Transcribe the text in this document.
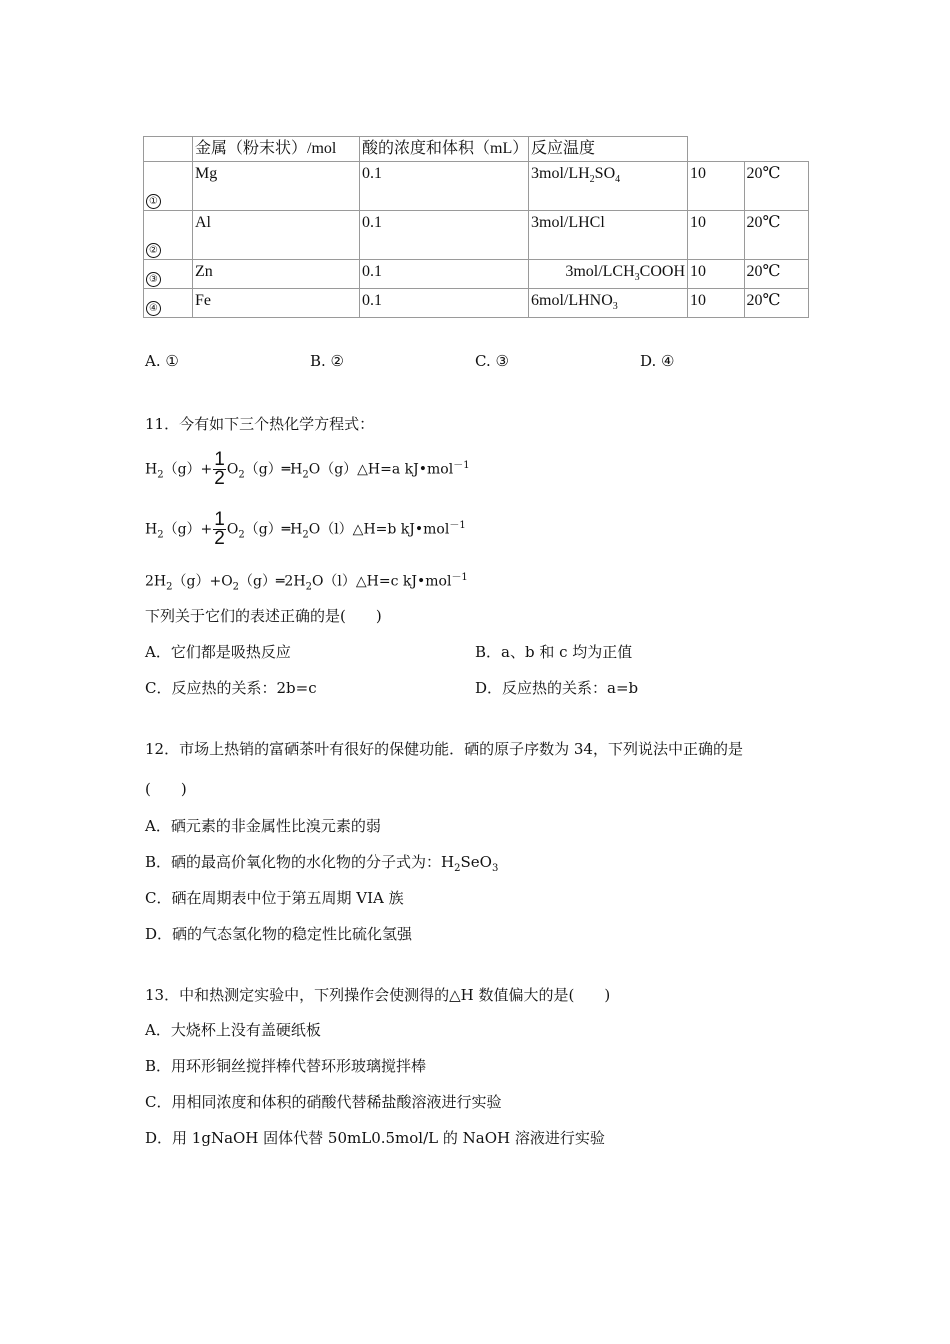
	金属（粉末状）/mol	酸的浓度和体积（mL）	反应温度		
①	Mg	0.1	$3mol/LH_2SO_4$	10	20℃
②	Al	0.1	3mol/LHCl	10	20℃
③	Zn	0.1	$3mol/LCH_3COOH$	10	20℃
④	Fe	0.1	$6mol/LHNO_3$	10	20℃
A. ①	B. ②	C. ③	D. ④
11．今有如下三个热化学方程式：
$H_2(g)+ \frac{1}{2}$ $O_2(g)═H_2O(g)\triangle H=a$ kJ•mol$^{-1}$
$H_2(g)+ \frac{1}{2}$ $O_2(g)═H_2O(l)\triangle H=b$ kJ•mol$^{-1}$
$2H_2(g)+O_2(g)═2H_2O(l)\triangle H=c$ kJ•mol$^{-1}$
下列关于它们的表述正确的是(　　)
A．它们都是吸热反应	B．a、b 和 c 均为正值
C．反应热的关系：2b=c	D．反应热的关系：a=b
12．市场上热销的富硒茶叶有很好的保健功能．硒的原子序数为 34，下列说法中正确的是
(　　)
A．硒元素的非金属性比溴元素的弱
B．硒的最高价氧化物的水化物的分子式为：$H_2SeO_3$
C．硒在周期表中位于第五周期 VIA 族
D．硒的气态氢化物的稳定性比硫化氢强
13．中和热测定实验中，下列操作会使测得的△H 数值偏大的是(　　)
A．大烧杯上没有盖硬纸板
B．用环形铜丝搅拌棒代替环形玻璃搅拌棒
C．用相同浓度和体积的硝酸代替稀盐酸溶液进行实验
D．用 1gNaOH 固体代替 50mL0.5mol/L 的 NaOH 溶液进行实验
